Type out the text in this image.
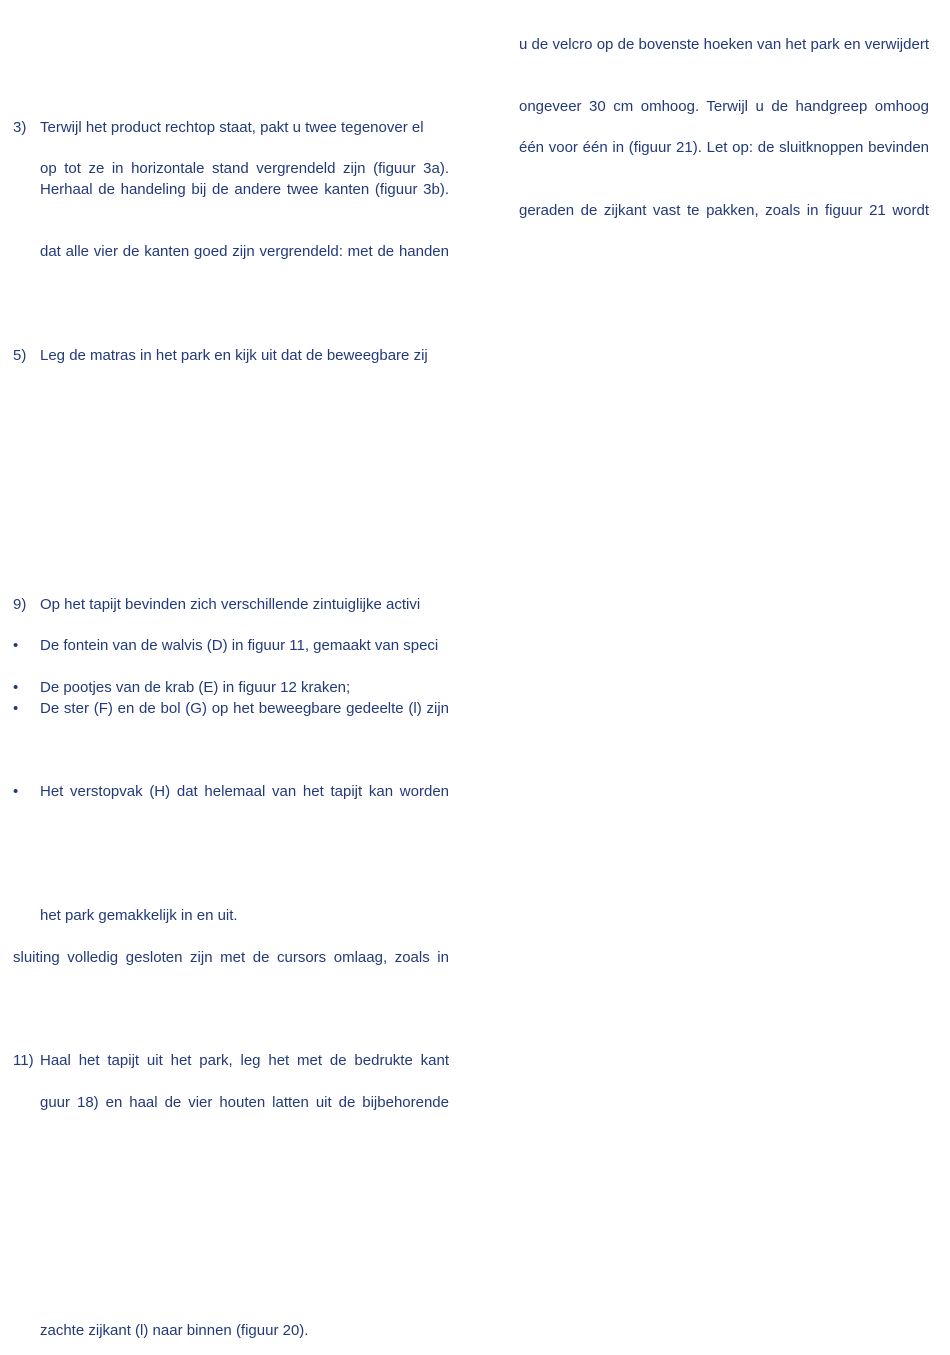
3) Terwijl het product rechtop staat, pakt u twee tegenover el
op tot ze in horizontale stand vergrendeld zijn (figuur 3a).
Herhaal de handeling bij de andere twee kanten (figuur 3b).
dat alle vier de kanten goed zijn vergrendeld: met de handen
5) Leg de matras in het park en kijk uit dat de beweegbare zij
9) Op het tapijt bevinden zich verschillende zintuiglijke activi
• De fontein van de walvis (D) in figuur 11, gemaakt van speci
• De pootjes van de krab (E) in figuur 12 kraken;
• De ster (F) en de bol (G) op het beweegbare gedeelte (l) zijn
• Het verstopvak (H) dat helemaal van het tapijt kan worden
het park gemakkelijk in en uit.
sluiting volledig gesloten zijn met de cursors omlaag, zoals in
11) Haal het tapijt uit het park, leg het met de bedrukte kant
guur 18) en haal de vier houten latten uit de bijbehorende
zachte zijkant (l) naar binnen (figuur 20).
u de velcro op de bovenste hoeken van het park en verwijdert
ongeveer 30 cm omhoog. Terwijl u de handgreep omhoog
één voor één in (figuur 21). Let op: de sluitknoppen bevinden
geraden de zijkant vast te pakken, zoals in figuur 21 wordt
